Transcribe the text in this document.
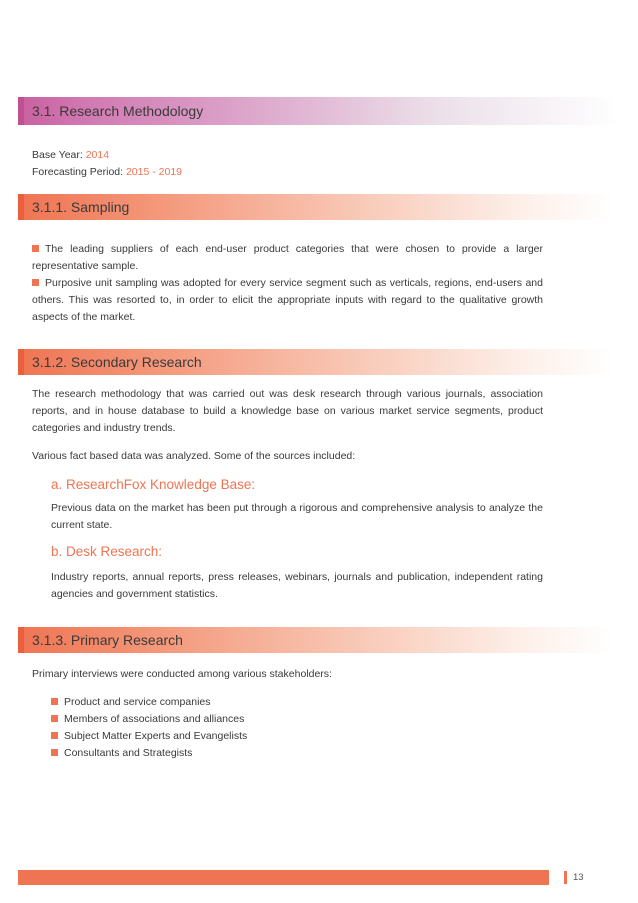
3.1. Research Methodology
Base Year: 2014
Forecasting Period: 2015 - 2019
3.1.1. Sampling
The leading suppliers of each end-user product categories that were chosen to provide a larger representative sample.
Purposive unit sampling was adopted for every service segment such as verticals, regions, end-users and others. This was resorted to, in order to elicit the appropriate inputs with regard to the qualitative growth aspects of the market.
3.1.2. Secondary Research
The research methodology that was carried out was desk research through various journals, association reports, and in house database to build a knowledge base on various market service segments, product categories and industry trends.
Various fact based data was analyzed. Some of the sources included:
a. ResearchFox Knowledge Base:
Previous data on the market has been put through a rigorous and comprehensive analysis to analyze the current state.
b. Desk Research:
Industry reports, annual reports, press releases, webinars, journals and publication, independent rating agencies and government statistics.
3.1.3. Primary Research
Primary interviews were conducted among various stakeholders:
Product and service companies
Members of associations and alliances
Subject Matter Experts and Evangelists
Consultants and Strategists
13
